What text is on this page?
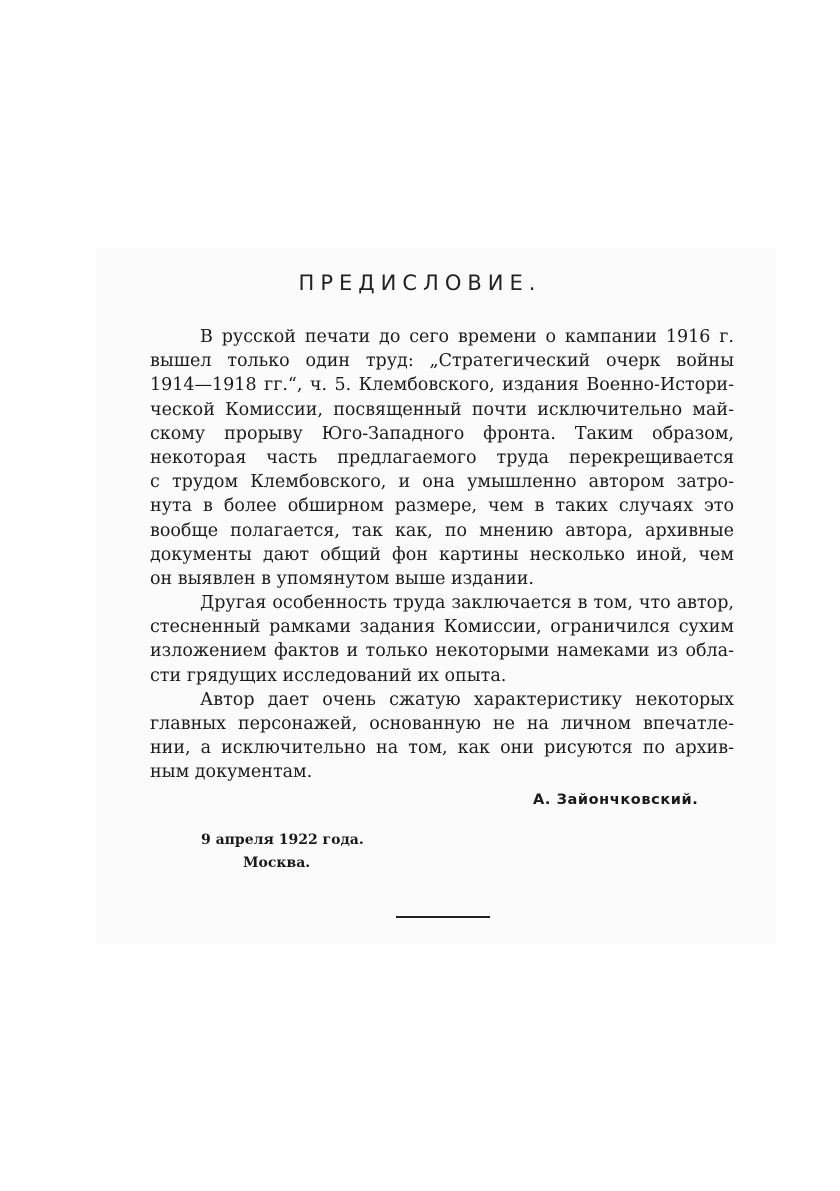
ПРЕДИСЛОВИЕ.
В русской печати до сего времени о кампании 1916 г.
вышел только один труд: „Стратегический очерк войны
1914—1918 гг.“, ч. 5. Клембовского, издания Военно-Истори-
ческой Комиссии, посвященный почти исключительно май-
скому прорыву Юго-Западного фронта. Таким образом,
некоторая часть предлагаемого труда перекрещивается
с трудом Клембовского, и она умышленно автором затро-
нута в более обширном размере, чем в таких случаях это
вообще полагается, так как, по мнению автора, архивные
документы дают общий фон картины несколько иной, чем
он выявлен в упомянутом выше издании.
Другая особенность труда заключается в том, что автор,
стесненный рамками задания Комиссии, ограничился сухим
изложением фактов и только некоторыми намеками из обла-
сти грядущих исследований их опыта.
Автор дает очень сжатую характеристику некоторых
главных персонажей, основанную не на личном впечатле-
нии, а исключительно на том, как они рисуются по архив-
ным документам.
А. Зайончковский.
9 апреля 1922 года.
Москва.
